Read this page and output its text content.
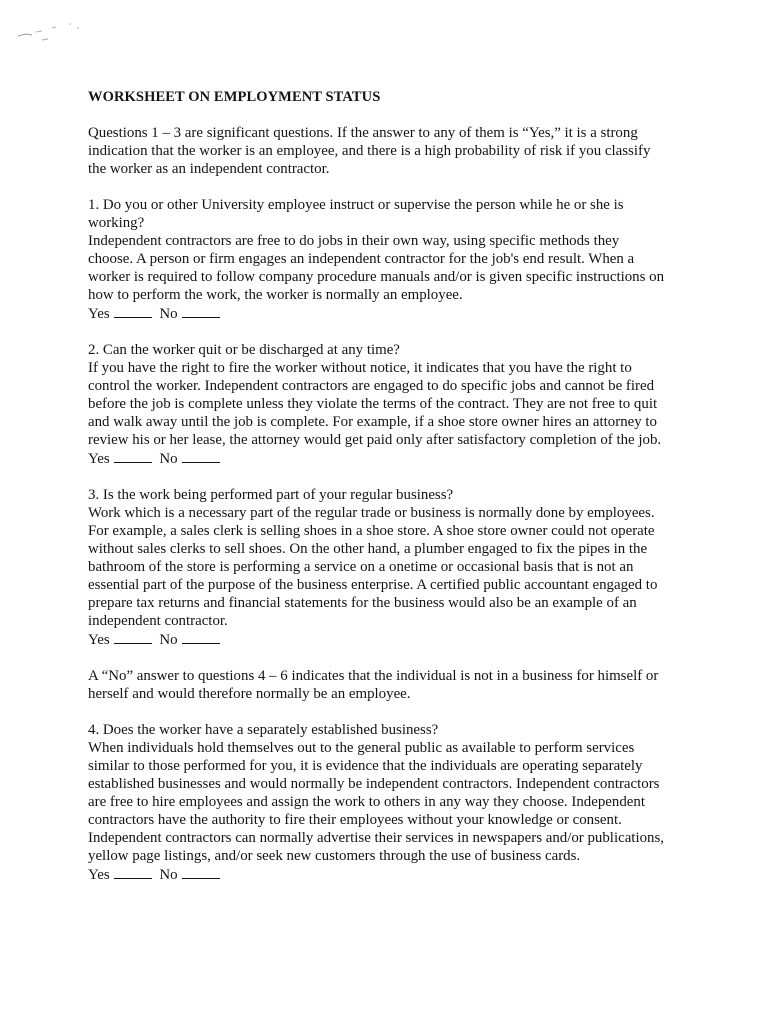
WORKSHEET ON EMPLOYMENT STATUS
Questions 1 – 3 are significant questions. If the answer to any of them is “Yes,” it is a strong
indication that the worker is an employee, and there is a high probability of risk if you classify
the worker as an independent contractor.
1. Do you or other University employee instruct or supervise the person while he or she is
working?
Independent contractors are free to do jobs in their own way, using specific methods they
choose. A person or firm engages an independent contractor for the job's end result. When a
worker is required to follow company procedure manuals and/or is given specific instructions on
how to perform the work, the worker is normally an employee.
Yes	No
2. Can the worker quit or be discharged at any time?
If you have the right to fire the worker without notice, it indicates that you have the right to
control the worker. Independent contractors are engaged to do specific jobs and cannot be fired
before the job is complete unless they violate the terms of the contract. They are not free to quit
and walk away until the job is complete. For example, if a shoe store owner hires an attorney to
review his or her lease, the attorney would get paid only after satisfactory completion of the job.
Yes	No
3. Is the work being performed part of your regular business?
Work which is a necessary part of the regular trade or business is normally done by employees.
For example, a sales clerk is selling shoes in a shoe store. A shoe store owner could not operate
without sales clerks to sell shoes. On the other hand, a plumber engaged to fix the pipes in the
bathroom of the store is performing a service on a onetime or occasional basis that is not an
essential part of the purpose of the business enterprise. A certified public accountant engaged to
prepare tax returns and financial statements for the business would also be an example of an
independent contractor.
Yes	No
A “No” answer to questions 4 – 6 indicates that the individual is not in a business for himself or
herself and would therefore normally be an employee.
4. Does the worker have a separately established business?
When individuals hold themselves out to the general public as available to perform services
similar to those performed for you, it is evidence that the individuals are operating separately
established businesses and would normally be independent contractors. Independent contractors
are free to hire employees and assign the work to others in any way they choose. Independent
contractors have the authority to fire their employees without your knowledge or consent.
Independent contractors can normally advertise their services in newspapers and/or publications,
yellow page listings, and/or seek new customers through the use of business cards.
Yes	No
